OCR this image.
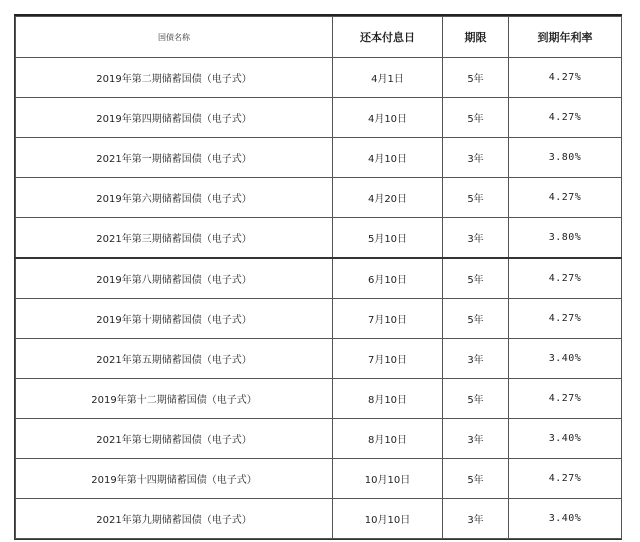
国债名称	还本付息日	期限	到期年利率
2019年第二期储蓄国债（电子式）	4月1日	5年	4.27%
2019年第四期储蓄国债（电子式）	4月10日	5年	4.27%
2021年第一期储蓄国债（电子式）	4月10日	3年	3.80%
2019年第六期储蓄国债（电子式）	4月20日	5年	4.27%
2021年第三期储蓄国债（电子式）	5月10日	3年	3.80%
2019年第八期储蓄国债（电子式）	6月10日	5年	4.27%
2019年第十期储蓄国债（电子式）	7月10日	5年	4.27%
2021年第五期储蓄国债（电子式）	7月10日	3年	3.40%
2019年第十二期储蓄国债（电子式）	8月10日	5年	4.27%
2021年第七期储蓄国债（电子式）	8月10日	3年	3.40%
2019年第十四期储蓄国债（电子式）	10月10日	5年	4.27%
2021年第九期储蓄国债（电子式）	10月10日	3年	3.40%
